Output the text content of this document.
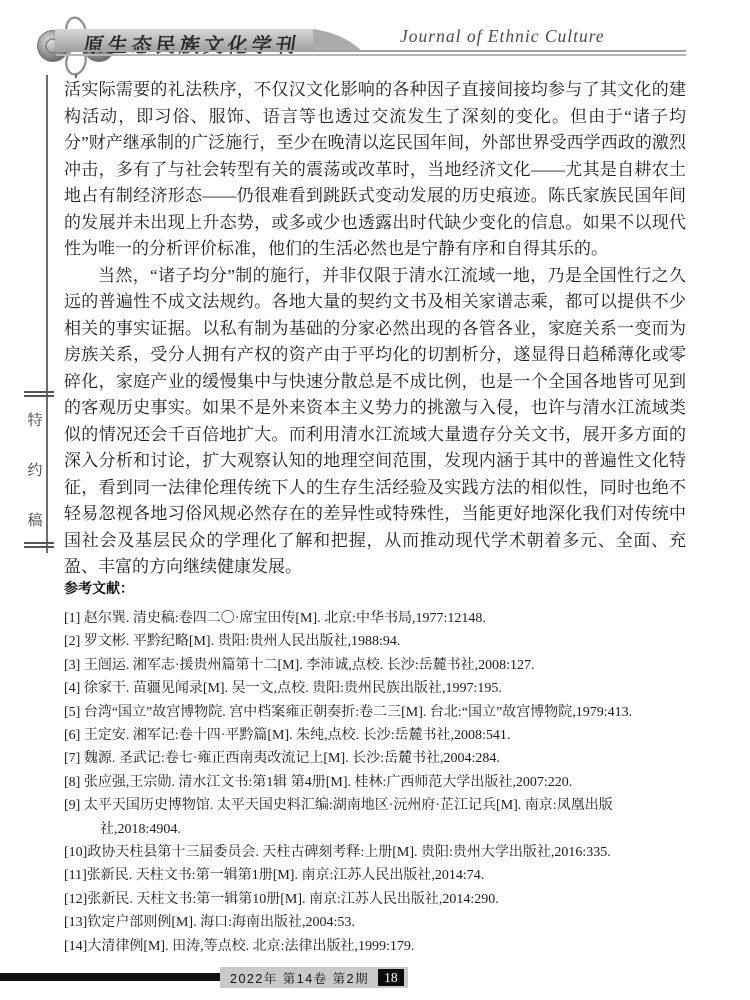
原生态民族文化学刊	Journal of Ethnic Culture
特
约
稿

活实际需要的礼法秩序，不仅汉文化影响的各种因子直接间接均参与了其文化的建构活动，即习俗、服饰、语言等也透过交流发生了深刻的变化。但由于“诸子均分”财产继承制的广泛施行，至少在晚清以迄民国年间，外部世界受西学西政的激烈冲击，多有了与社会转型有关的震荡或改革时，当地经济文化——尤其是自耕农土地占有制经济形态——仍很难看到跳跃式变动发展的历史痕迹。陈氏家族民国年间的发展并未出现上升态势，或多或少也透露出时代缺少变化的信息。如果不以现代性为唯一的分析评价标准，他们的生活必然也是宁静有序和自得其乐的。

当然，“诸子均分”制的施行，并非仅限于清水江流域一地，乃是全国性行之久远的普遍性不成文法规约。各地大量的契约文书及相关家谱志乘，都可以提供不少相关的事实证据。以私有制为基础的分家必然出现的各管各业，家庭关系一变而为房族关系，受分人拥有产权的资产由于平均化的切割析分，遂显得日趋稀薄化或零碎化，家庭产业的缓慢集中与快速分散总是不成比例，也是一个全国各地皆可见到的客观历史事实。如果不是外来资本主义势力的挑激与入侵，也许与清水江流域类似的情况还会千百倍地扩大。而利用清水江流域大量遗存分关文书，展开多方面的深入分析和讨论，扩大观察认知的地理空间范围，发现内涵于其中的普遍性文化特征，看到同一法律伦理传统下人的生存生活经验及实践方法的相似性，同时也绝不轻易忽视各地习俗风规必然存在的差异性或特殊性，当能更好地深化我们对传统中国社会及基层民众的学理化了解和把握，从而推动现代学术朝着多元、全面、充盈、丰富的方向继续健康发展。

参考文献：
[1] 赵尔巽. 清史稿:卷四二〇·席宝田传[M]. 北京:中华书局,1977:12148.
[2] 罗文彬. 平黔纪略[M]. 贵阳:贵州人民出版社,1988:94.
[3] 王闿运. 湘军志·援贵州篇第十二[M]. 李沛诚,点校. 长沙:岳麓书社,2008:127.
[4] 徐家干. 苗疆见闻录[M]. 吴一文,点校. 贵阳:贵州民族出版社,1997:195.
[5] 台湾“国立”故宫博物院. 宫中档案雍正朝奏折:卷二三[M]. 台北:“国立”故宫博物院,1979:413.
[6] 王定安. 湘军记:卷十四·平黔篇[M]. 朱纯,点校. 长沙:岳麓书社,2008:541.
[7] 魏源. 圣武记:卷七·雍正西南夷改流记上[M]. 长沙:岳麓书社,2004:284.
[8] 张应强,王宗勋. 清水江文书:第1辑 第4册[M]. 桂林:广西师范大学出版社,2007:220.
[9] 太平天国历史博物馆. 太平天国史料汇编:湖南地区·沅州府·芷江记兵[M]. 南京:凤凰出版社,2018:4904.
[10]政协天柱县第十三届委员会. 天柱古碑刻考释:上册[M]. 贵阳:贵州大学出版社,2016:335.
[11]张新民. 天柱文书:第一辑第1册[M]. 南京:江苏人民出版社,2014:74.
[12]张新民. 天柱文书:第一辑第10册[M]. 南京:江苏人民出版社,2014:290.
[13]钦定户部则例[M]. 海口:海南出版社,2004:53.
[14]大清律例[M]. 田涛,等点校. 北京:法律出版社,1999:179.
2022年 第14卷 第2期	18
